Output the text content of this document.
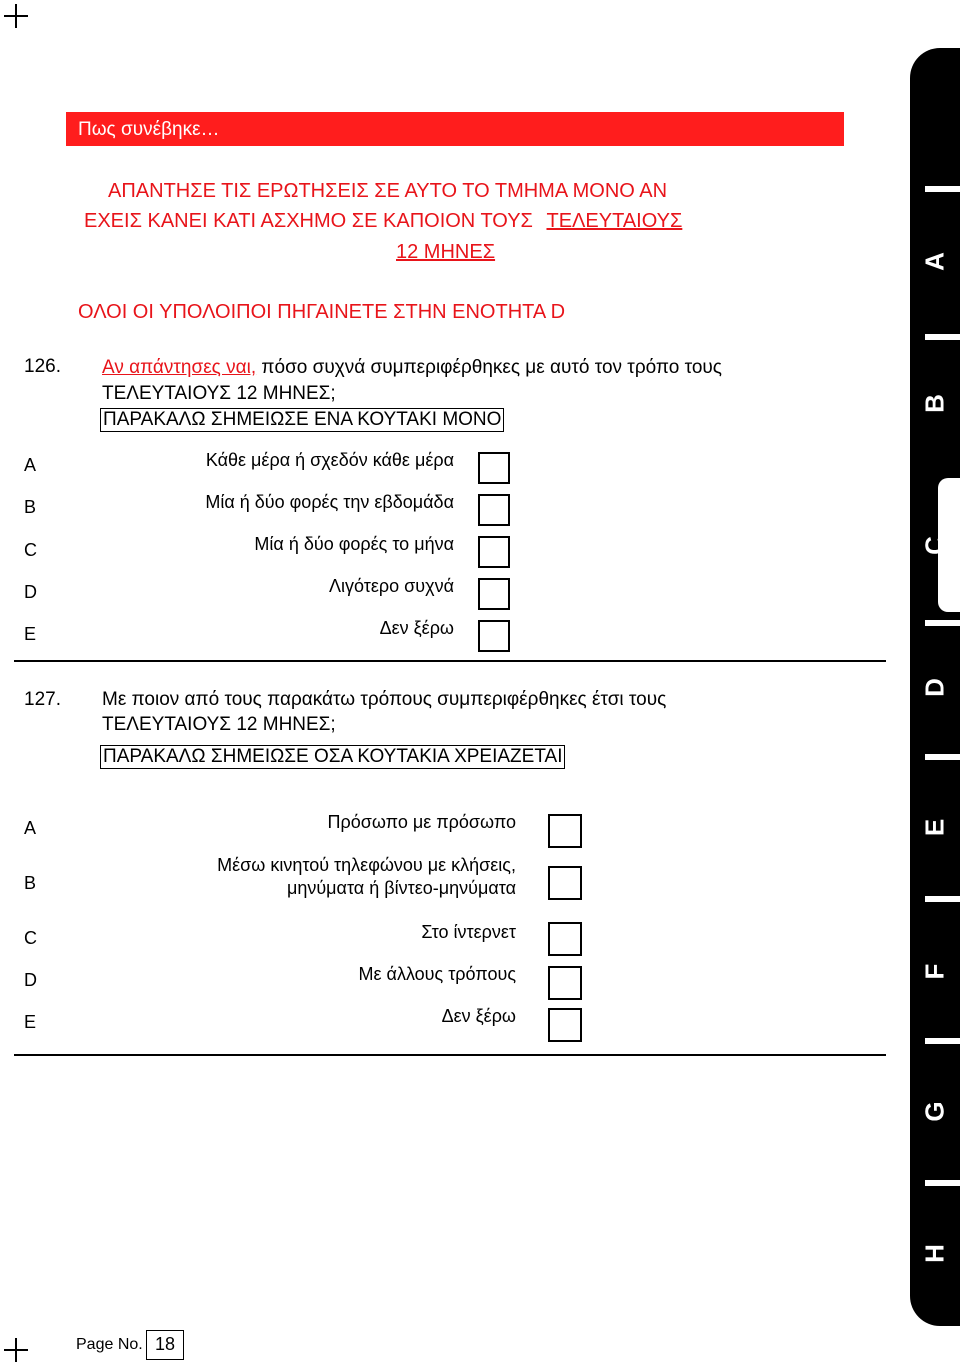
Πως συνέβηκε…
ΑΠΑΝΤΗΣΕ ΤΙΣ ΕΡΩΤΗΣΕΙΣ ΣΕ ΑΥΤΟ ΤΟ ΤΜΗΜΑ ΜΟΝΟ ΑΝ
ΕΧΕΙΣ ΚΑΝΕΙ ΚΑΤΙ ΑΣΧΗΜΟ ΣΕ ΚΑΠΟΙΟΝ ΤΟΥΣ ΤΕΛΕΥΤΑΙΟΥΣ
12 ΜΗΝΕΣ
ΟΛΟΙ ΟΙ ΥΠΟΛΟΙΠΟΙ ΠΗΓΑΙΝΕΤΕ ΣΤΗΝ ΕΝΟΤΗΤΑ D
126. Αν απάντησες ναι, πόσο συχνά συμπεριφέρθηκες με αυτό τον τρόπο τους
ΤΕΛΕΥΤΑΙΟΥΣ 12 ΜΗΝΕΣ;
ΠΑΡΑΚΑΛΩ ΣΗΜΕΙΩΣΕ ΕΝΑ ΚΟΥΤΑΚΙ ΜΟΝΟ
A	Κάθε μέρα ή σχεδόν κάθε μέρα
B	Μία ή δύο φορές την εβδομάδα
C	Μία ή δύο φορές το μήνα
D	Λιγότερο συχνά
E	Δεν ξέρω
127. Με ποιον από τους παρακάτω τρόπους συμπεριφέρθηκες έτσι τους
ΤΕΛΕΥΤΑΙΟΥΣ 12 ΜΗΝΕΣ;
ΠΑΡΑΚΑΛΩ ΣΗΜΕΙΩΣΕ ΟΣΑ ΚΟΥΤΑΚΙΑ ΧΡΕΙΑΖΕΤΑΙ
A	Πρόσωπο με πρόσωπο
B
Μέσω κινητού τηλεφώνου με κλήσεις,
μηνύματα ή βίντεο-μηνύματα
C	Στο ίντερνετ
D	Με άλλους τρόπους
E	Δεν ξέρω
A
B
C
D
E
F
G
H
Page No. 18
